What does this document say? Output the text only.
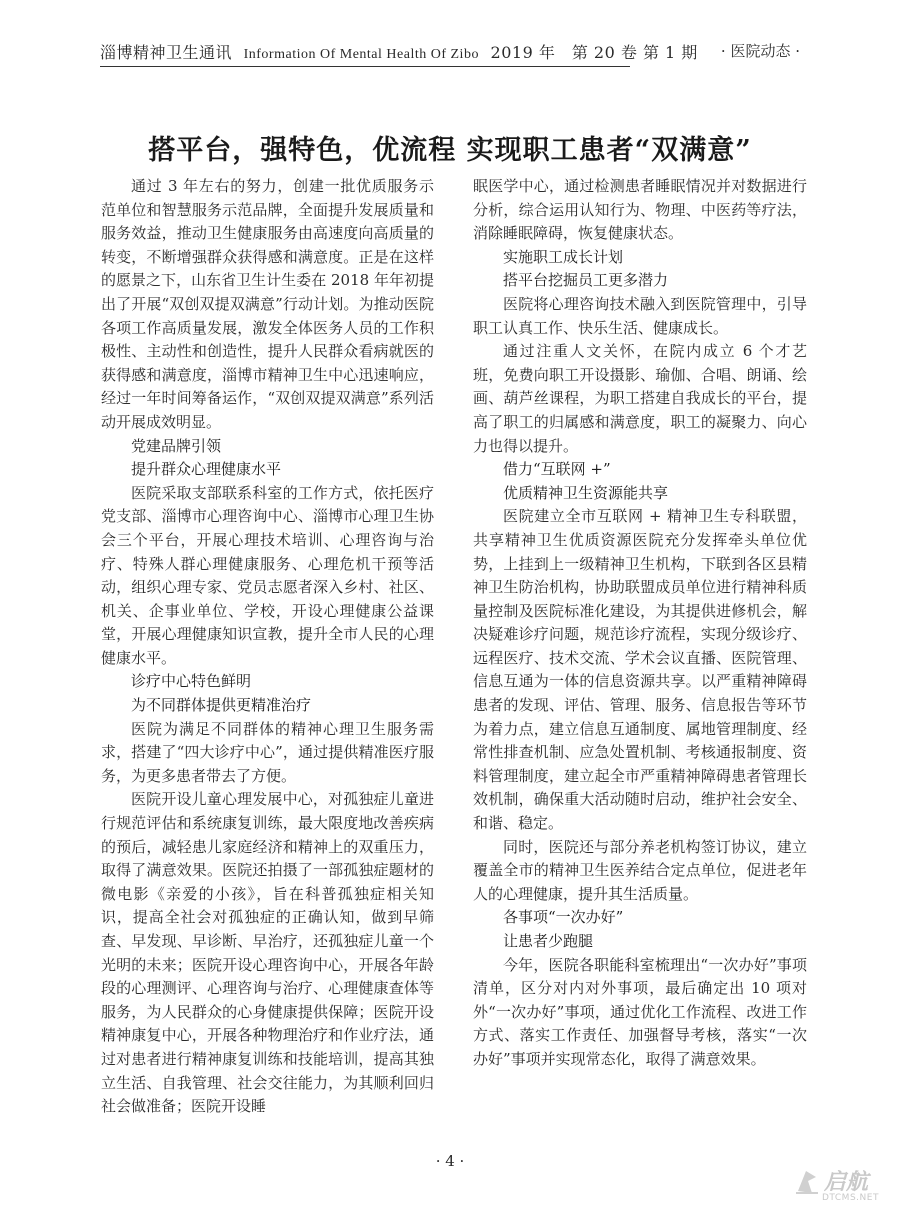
淄博精神卫生通讯 Information Of Mental Health Of Zibo 2019 年　第 20 卷 第 1 期 · 医院动态 ·
搭平台，强特色，优流程 实现职工患者“双满意”

通过 3 年左右的努力，创建一批优质服务示范单位和智慧服务示范品牌，全面提升发展质量和服务效益，推动卫生健康服务由高速度向高质量的转变，不断增强群众获得感和满意度。正是在这样的愿景之下，山东省卫生计生委在 2018 年年初提出了开展“双创双提双满意”行动计划。为推动医院各项工作高质量发展，激发全体医务人员的工作积极性、主动性和创造性，提升人民群众看病就医的获得感和满意度，淄博市精神卫生中心迅速响应，经过一年时间筹备运作，“双创双提双满意”系列活动开展成效明显。

党建品牌引领
提升群众心理健康水平

医院采取支部联系科室的工作方式，依托医疗党支部、淄博市心理咨询中心、淄博市心理卫生协会三个平台，开展心理技术培训、心理咨询与治疗、特殊人群心理健康服务、心理危机干预等活动，组织心理专家、党员志愿者深入乡村、社区、机关、企事业单位、学校，开设心理健康公益课堂，开展心理健康知识宣教，提升全市人民的心理健康水平。

诊疗中心特色鲜明
为不同群体提供更精准治疗

医院为满足不同群体的精神心理卫生服务需求，搭建了“四大诊疗中心”，通过提供精准医疗服务，为更多患者带去了方便。

医院开设儿童心理发展中心，对孤独症儿童进行规范评估和系统康复训练，最大限度地改善疾病的预后，减轻患儿家庭经济和精神上的双重压力，取得了满意效果。医院还拍摄了一部孤独症题材的微电影《亲爱的小孩》，旨在科普孤独症相关知识，提高全社会对孤独症的正确认知，做到早筛查、早发现、早诊断、早治疗，还孤独症儿童一个光明的未来；医院开设心理咨询中心，开展各年龄段的心理测评、心理咨询与治疗、心理健康查体等服务，为人民群众的心身健康提供保障；医院开设精神康复中心，开展各种物理治疗和作业疗法，通过对患者进行精神康复训练和技能培训，提高其独立生活、自我管理、社会交往能力，为其顺利回归社会做准备；医院开设睡

眠医学中心，通过检测患者睡眠情况并对数据进行分析，综合运用认知行为、物理、中医药等疗法，消除睡眠障碍，恢复健康状态。

实施职工成长计划
搭平台挖掘员工更多潜力

医院将心理咨询技术融入到医院管理中，引导职工认真工作、快乐生活、健康成长。

通过注重人文关怀，在院内成立 6 个才艺班，免费向职工开设摄影、瑜伽、合唱、朗诵、绘画、葫芦丝课程，为职工搭建自我成长的平台，提高了职工的归属感和满意度，职工的凝聚力、向心力也得以提升。

借力“互联网 +”
优质精神卫生资源能共享

医院建立全市互联网 + 精神卫生专科联盟，共享精神卫生优质资源医院充分发挥牵头单位优势，上挂到上一级精神卫生机构，下联到各区县精神卫生防治机构，协助联盟成员单位进行精神科质量控制及医院标准化建设，为其提供进修机会，解决疑难诊疗问题，规范诊疗流程，实现分级诊疗、远程医疗、技术交流、学术会议直播、医院管理、信息互通为一体的信息资源共享。以严重精神障碍患者的发现、评估、管理、服务、信息报告等环节为着力点，建立信息互通制度、属地管理制度、经常性排查机制、应急处置机制、考核通报制度、资料管理制度，建立起全市严重精神障碍患者管理长效机制，确保重大活动随时启动，维护社会安全、和谐、稳定。

同时，医院还与部分养老机构签订协议，建立覆盖全市的精神卫生医养结合定点单位，促进老年人的心理健康，提升其生活质量。

各事项“一次办好”
让患者少跑腿

今年，医院各职能科室梳理出“一次办好”事项清单，区分对内对外事项，最后确定出 10 项对外“一次办好”事项，通过优化工作流程、改进工作方式、落实工作责任、加强督导考核，落实“一次办好”事项并实现常态化，取得了满意效果。

· 4 ·
启航
DTCMS.NET
